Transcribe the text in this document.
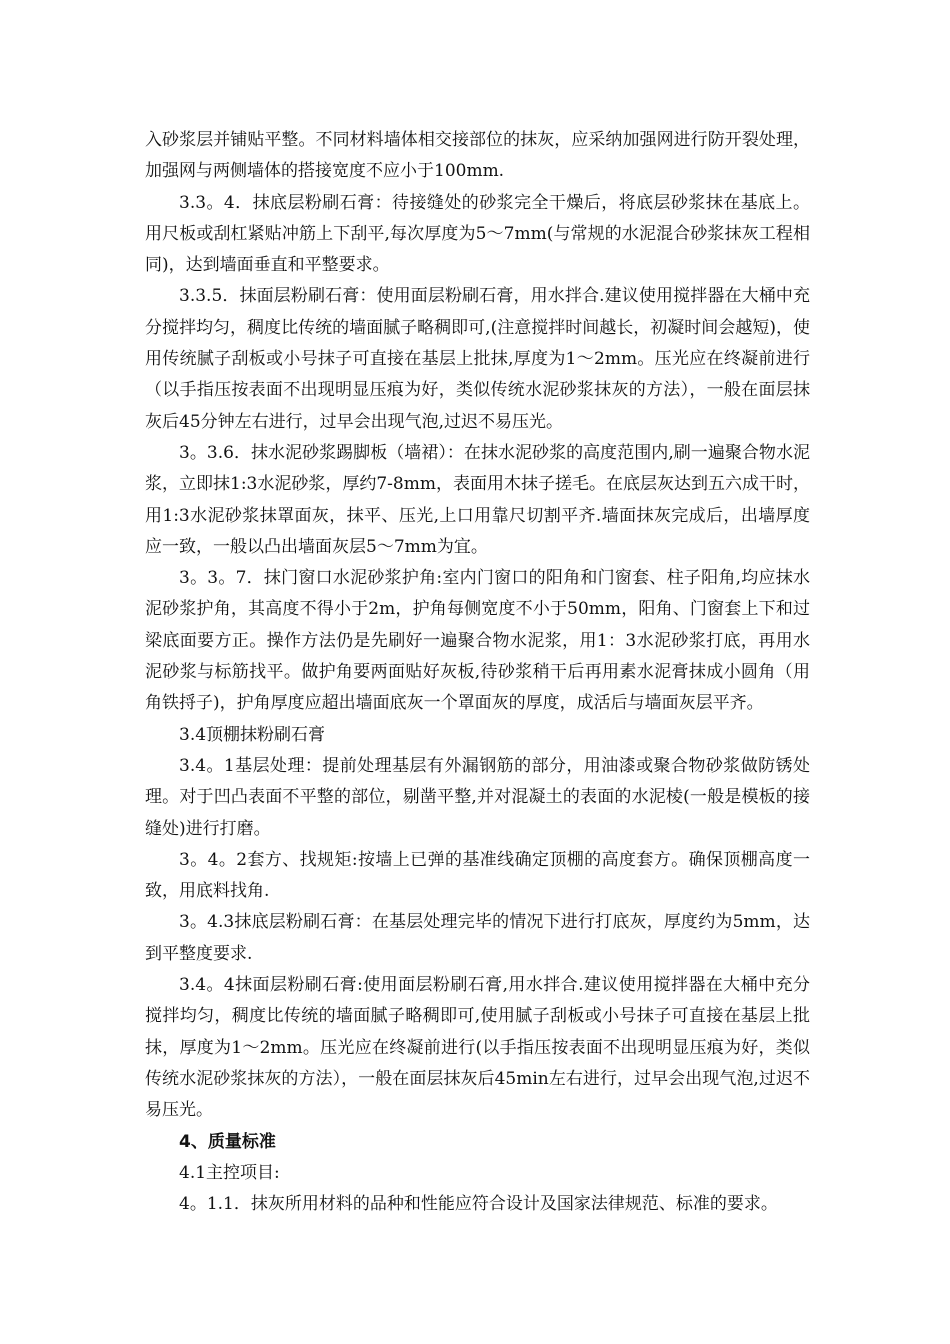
入砂浆层并铺贴平整。不同材料墙体相交接部位的抹灰，应采纳加强网进行防开裂处理，加强网与两侧墙体的搭接宽度不应小于100mm.

3.3。4．抹底层粉刷石膏：待接缝处的砂浆完全干燥后，将底层砂浆抹在基底上。用尺板或刮杠紧贴冲筋上下刮平,每次厚度为5～7mm(与常规的水泥混合砂浆抹灰工程相同)，达到墙面垂直和平整要求。

3.3.5．抹面层粉刷石膏：使用面层粉刷石膏，用水拌合.建议使用搅拌器在大桶中充分搅拌均匀，稠度比传统的墙面腻子略稠即可,(注意搅拌时间越长，初凝时间会越短)，使用传统腻子刮板或小号抹子可直接在基层上批抹,厚度为1～2mm。压光应在终凝前进行（以手指压按表面不出现明显压痕为好，类似传统水泥砂浆抹灰的方法），一般在面层抹灰后45分钟左右进行，过早会出现气泡,过迟不易压光。

3。3.6．抹水泥砂浆踢脚板（墙裙）：在抹水泥砂浆的高度范围内,刷一遍聚合物水泥浆，立即抹1:3水泥砂浆，厚约7-8mm，表面用木抹子搓毛。在底层灰达到五六成干时，用1:3水泥砂浆抹罩面灰，抹平、压光,上口用靠尺切割平齐.墙面抹灰完成后，出墙厚度应一致，一般以凸出墙面灰层5～7mm为宜。

3。3。7．抹门窗口水泥砂浆护角:室内门窗口的阳角和门窗套、柱子阳角,均应抹水泥砂浆护角，其高度不得小于2m，护角每侧宽度不小于50mm，阳角、门窗套上下和过梁底面要方正。操作方法仍是先刷好一遍聚合物水泥浆，用1：3水泥砂浆打底，再用水泥砂浆与标筋找平。做护角要两面贴好灰板,待砂浆稍干后再用素水泥膏抹成小圆角（用角铁捋子)，护角厚度应超出墙面底灰一个罩面灰的厚度，成活后与墙面灰层平齐。

3.4顶棚抹粉刷石膏

3.4。1基层处理：提前处理基层有外漏钢筋的部分，用油漆或聚合物砂浆做防锈处理。对于凹凸表面不平整的部位，剔凿平整,并对混凝土的表面的水泥棱(一般是模板的接缝处)进行打磨。

3。4。2套方、找规矩:按墙上已弹的基准线确定顶棚的高度套方。确保顶棚高度一致，用底料找角.

3。4.3抹底层粉刷石膏：在基层处理完毕的情况下进行打底灰，厚度约为5mm，达到平整度要求.

3.4。4抹面层粉刷石膏:使用面层粉刷石膏,用水拌合.建议使用搅拌器在大桶中充分搅拌均匀，稠度比传统的墙面腻子略稠即可,使用腻子刮板或小号抹子可直接在基层上批抹，厚度为1～2mm。压光应在终凝前进行(以手指压按表面不出现明显压痕为好，类似传统水泥砂浆抹灰的方法），一般在面层抹灰后45min左右进行，过早会出现气泡,过迟不易压光。

4、质量标准

4.1主控项目:

4。1.1．抹灰所用材料的品种和性能应符合设计及国家法律规范、标准的要求。
